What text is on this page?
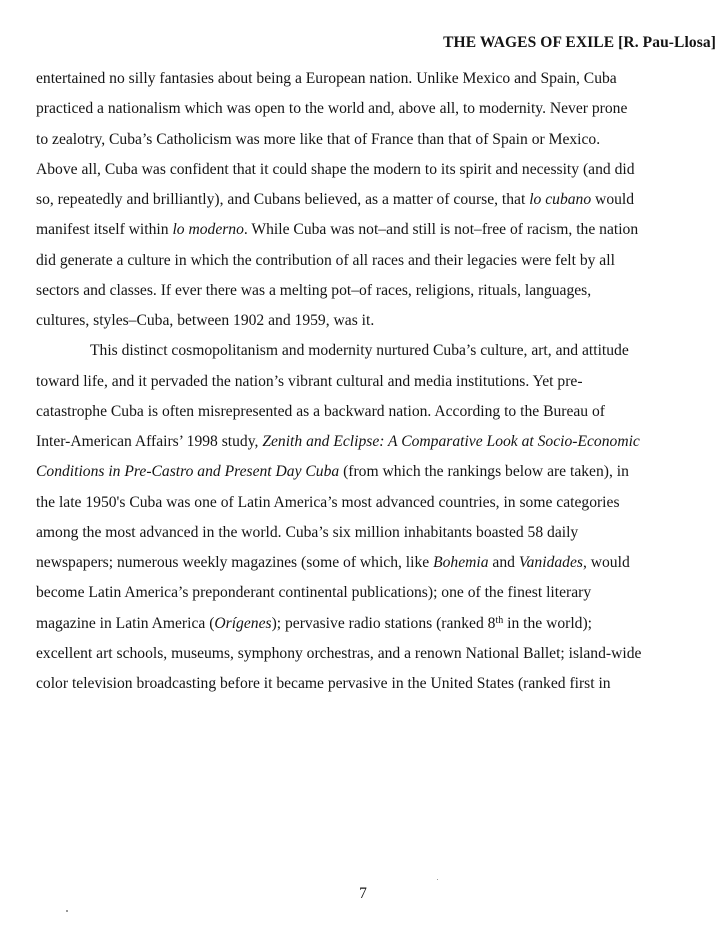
THE WAGES OF EXILE [R. Pau-Llosa]
entertained no silly fantasies about being a European nation. Unlike Mexico and Spain, Cuba
practiced a nationalism which was open to the world and, above all, to modernity. Never prone
to zealotry, Cuba’s Catholicism was more like that of France than that of Spain or Mexico.
Above all, Cuba was confident that it could shape the modern to its spirit and necessity (and did
so, repeatedly and brilliantly), and Cubans believed, as a matter of course, that lo cubano would
manifest itself within lo moderno. While Cuba was not–and still is not–free of racism, the nation
did generate a culture in which the contribution of all races and their legacies were felt by all
sectors and classes. If ever there was a melting pot–of races, religions, rituals, languages,
cultures, styles–Cuba, between 1902 and 1959, was it.
This distinct cosmopolitanism and modernity nurtured Cuba’s culture, art, and attitude
toward life, and it pervaded the nation’s vibrant cultural and media institutions. Yet pre-
catastrophe Cuba is often misrepresented as a backward nation. According to the Bureau of
Inter-American Affairs’ 1998 study, Zenith and Eclipse: A Comparative Look at Socio-Economic
Conditions in Pre-Castro and Present Day Cuba (from which the rankings below are taken), in
the late 1950's Cuba was one of Latin America’s most advanced countries, in some categories
among the most advanced in the world. Cuba’s six million inhabitants boasted 58 daily
newspapers; numerous weekly magazines (some of which, like Bohemia and Vanidades, would
become Latin America’s preponderant continental publications); one of the finest literary
magazine in Latin America (Orígenes); pervasive radio stations (ranked 8th in the world);
excellent art schools, museums, symphony orchestras, and a renown National Ballet; island-wide
color television broadcasting before it became pervasive in the United States (ranked first in
7
